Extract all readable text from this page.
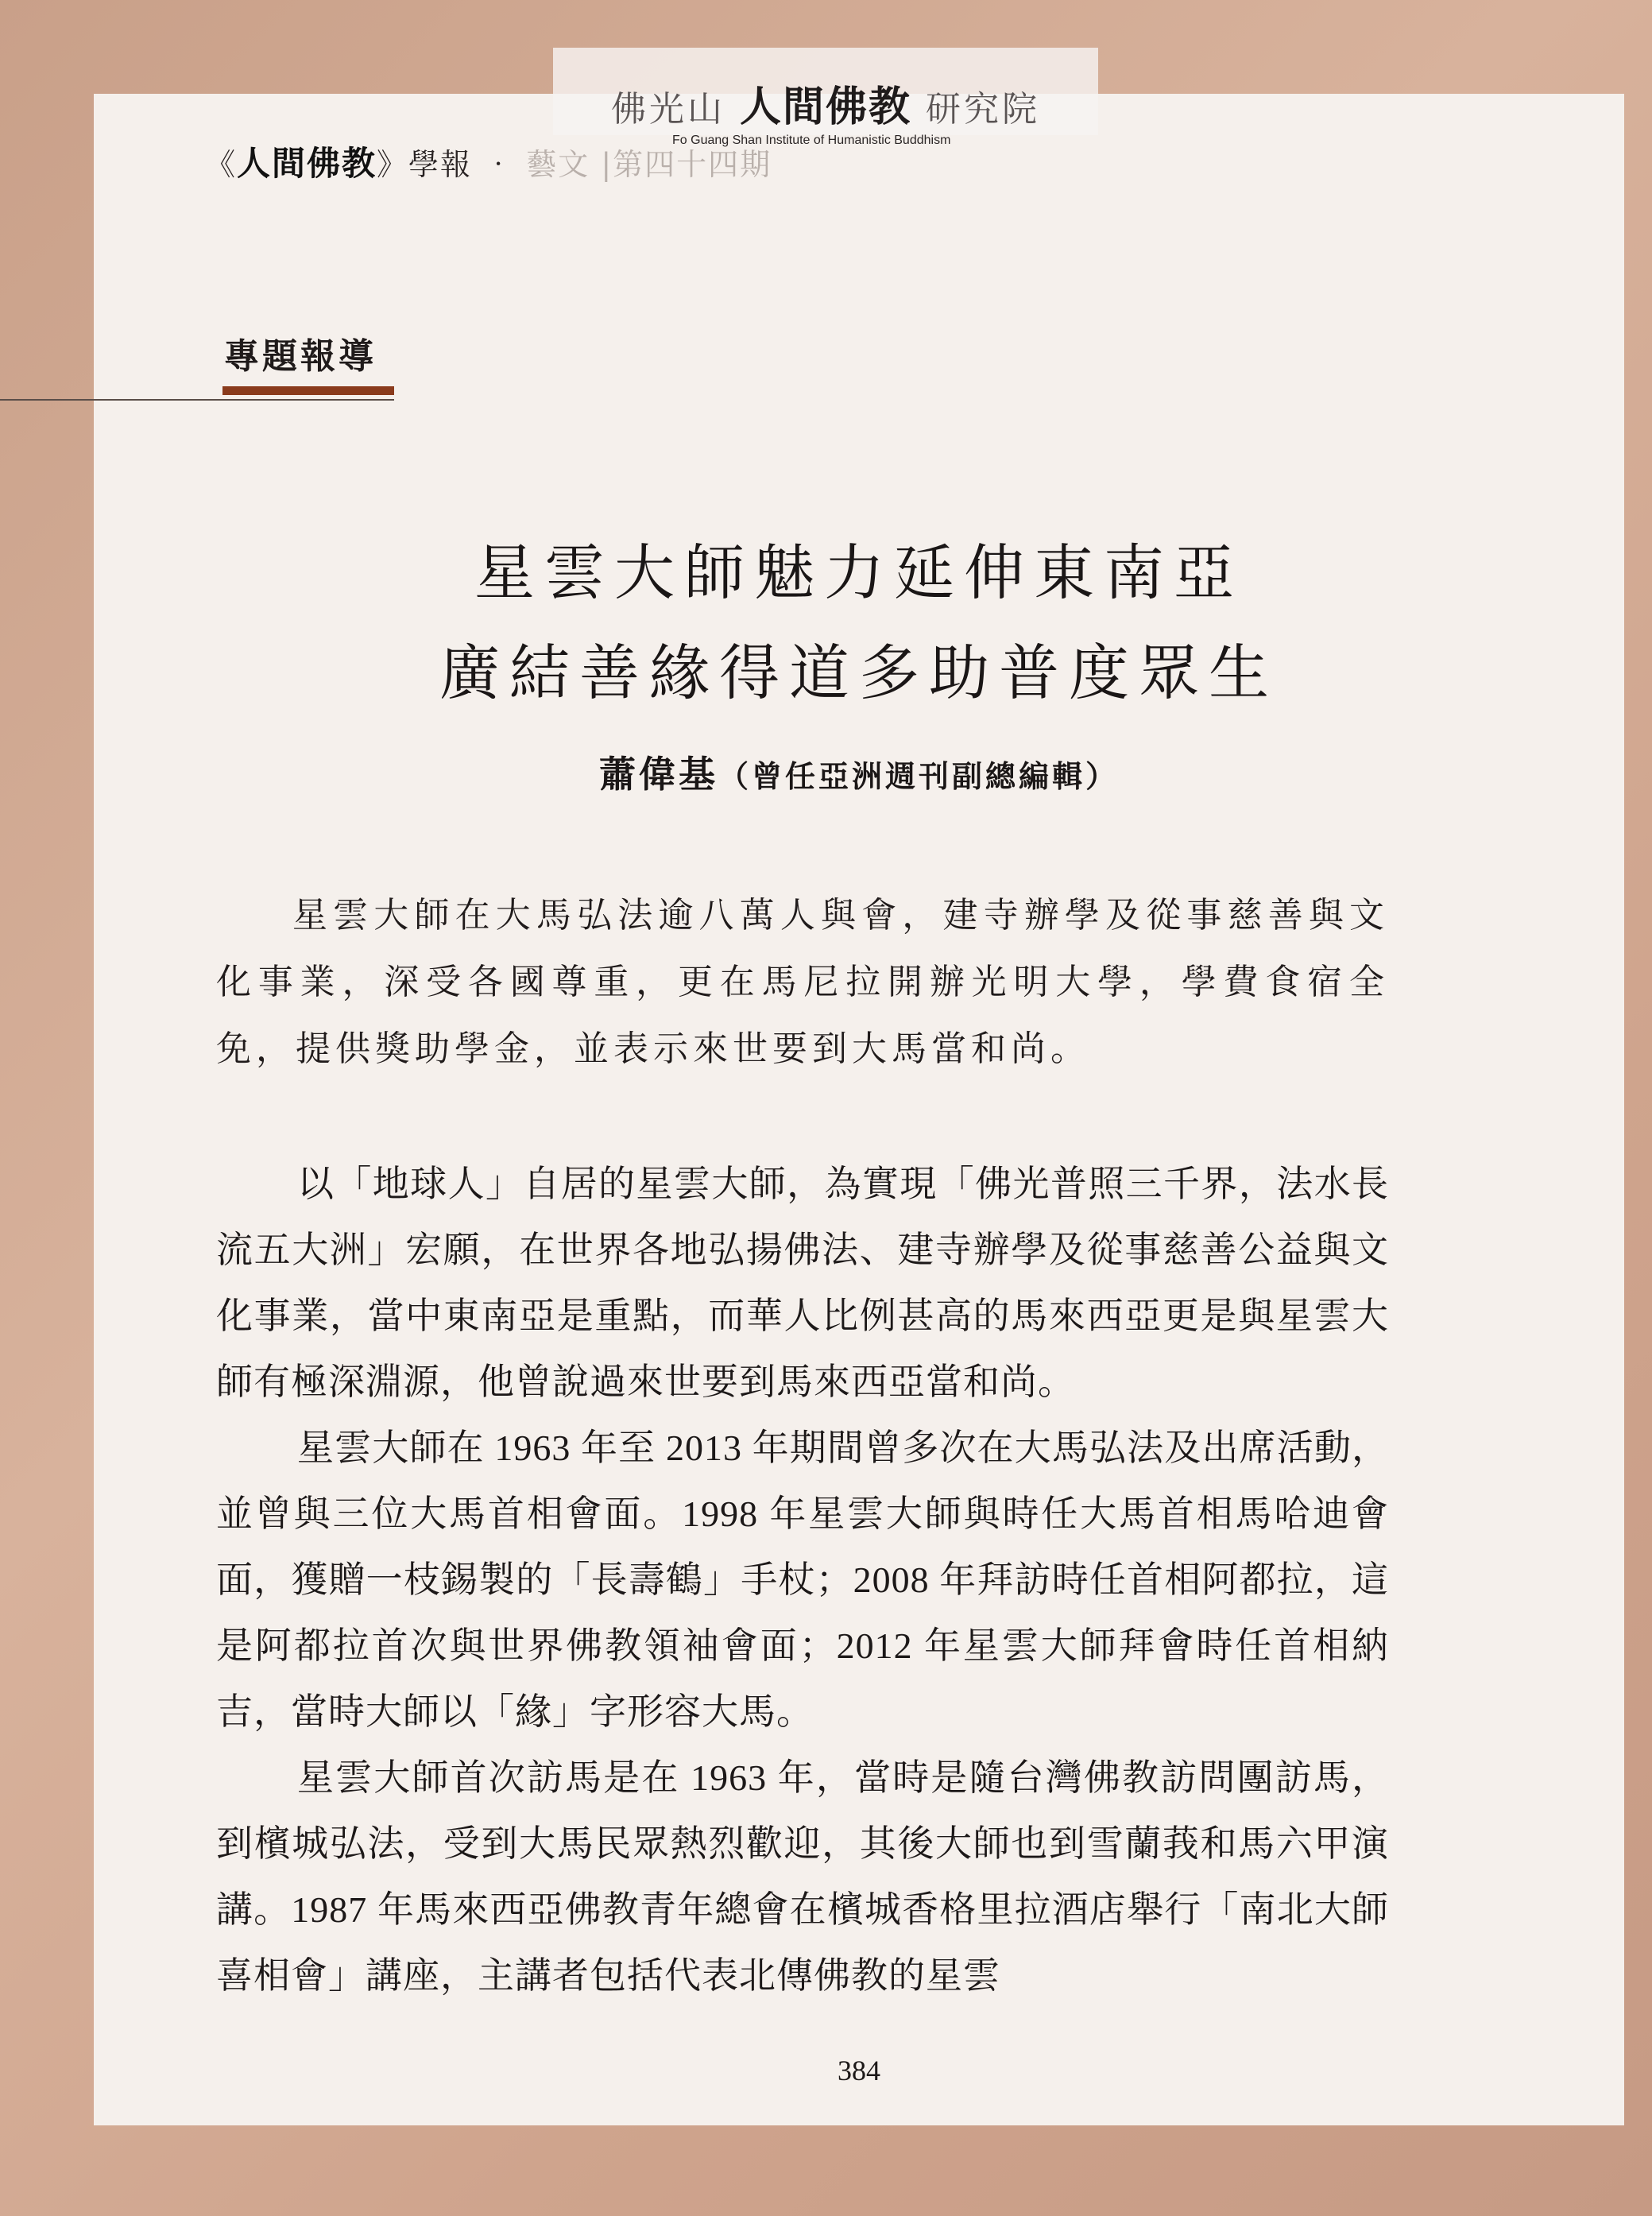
佛光山 人間佛教 研究院
Fo Guang Shan Institute of Humanistic Buddhism
《人間佛教》學報 ‧ 藝文 |第四十四期
專題報導
星雲大師魅力延伸東南亞
廣結善緣得道多助普度眾生
蕭偉基（曾任亞洲週刊副總編輯）
星雲大師在大馬弘法逾八萬人與會，建寺辦學及從事慈善與文化事業，深受各國尊重，更在馬尼拉開辦光明大學，學費食宿全免，提供獎助學金，並表示來世要到大馬當和尚。

以「地球人」自居的星雲大師，為實現「佛光普照三千界，法水長流五大洲」宏願，在世界各地弘揚佛法、建寺辦學及從事慈善公益與文化事業，當中東南亞是重點，而華人比例甚高的馬來西亞更是與星雲大師有極深淵源，他曾說過來世要到馬來西亞當和尚。

星雲大師在 1963 年至 2013 年期間曾多次在大馬弘法及出席活動，並曾與三位大馬首相會面。1998 年星雲大師與時任大馬首相馬哈迪會面，獲贈一枝錫製的「長壽鶴」手杖；2008 年拜訪時任首相阿都拉，這是阿都拉首次與世界佛教領袖會面；2012 年星雲大師拜會時任首相納吉，當時大師以「緣」字形容大馬。

星雲大師首次訪馬是在 1963 年，當時是隨台灣佛教訪問團訪馬，到檳城弘法，受到大馬民眾熱烈歡迎，其後大師也到雪蘭莪和馬六甲演講。1987 年馬來西亞佛教青年總會在檳城香格里拉酒店舉行「南北大師喜相會」講座，主講者包括代表北傳佛教的星雲

384
